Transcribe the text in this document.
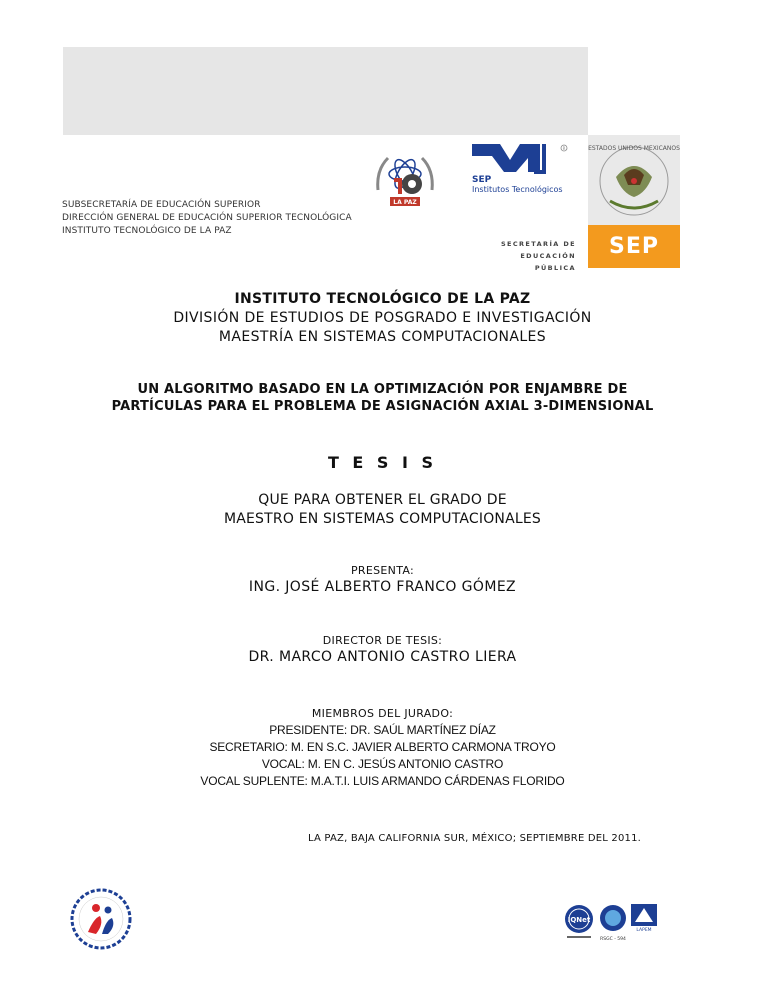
ESTADOS UNIDOS MEXICANOS
SEP
LA PAZ
R
SEP
Institutos Tecnológicos
SUBSECRETARÍA DE EDUCACIÓN SUPERIOR
DIRECCIÓN GENERAL DE EDUCACIÓN SUPERIOR TECNOLÓGICA
INSTITUTO TECNOLÓGICO DE LA PAZ
SECRETARÍA DE
EDUCACIÓN PÚBLICA
INSTITUTO TECNOLÓGICO DE LA PAZ
DIVISIÓN DE ESTUDIOS DE POSGRADO E INVESTIGACIÓN
MAESTRÍA EN SISTEMAS COMPUTACIONALES
UN ALGORITMO BASADO EN LA OPTIMIZACIÓN POR ENJAMBRE DE
PARTÍCULAS PARA EL PROBLEMA DE ASIGNACIÓN AXIAL 3-DIMENSIONAL
T E S I S
QUE PARA OBTENER EL GRADO DE
MAESTRO EN SISTEMAS COMPUTACIONALES
PRESENTA:
ING. JOSÉ ALBERTO FRANCO GÓMEZ
DIRECTOR DE TESIS:
DR. MARCO ANTONIO CASTRO LIERA
MIEMBROS DEL JURADO:
PRESIDENTE: DR. SAÚL MARTÍNEZ DÍAZ
SECRETARIO: M. EN S.C. JAVIER ALBERTO CARMONA TROYO
VOCAL: M. EN C. JESÚS ANTONIO CASTRO
VOCAL SUPLENTE: M.A.T.I. LUIS ARMANDO CÁRDENAS FLORIDO
LA PAZ, BAJA CALIFORNIA SUR, MÉXICO; SEPTIEMBRE DEL 2011.
IQNet
RSGC - 594
LAPEM
